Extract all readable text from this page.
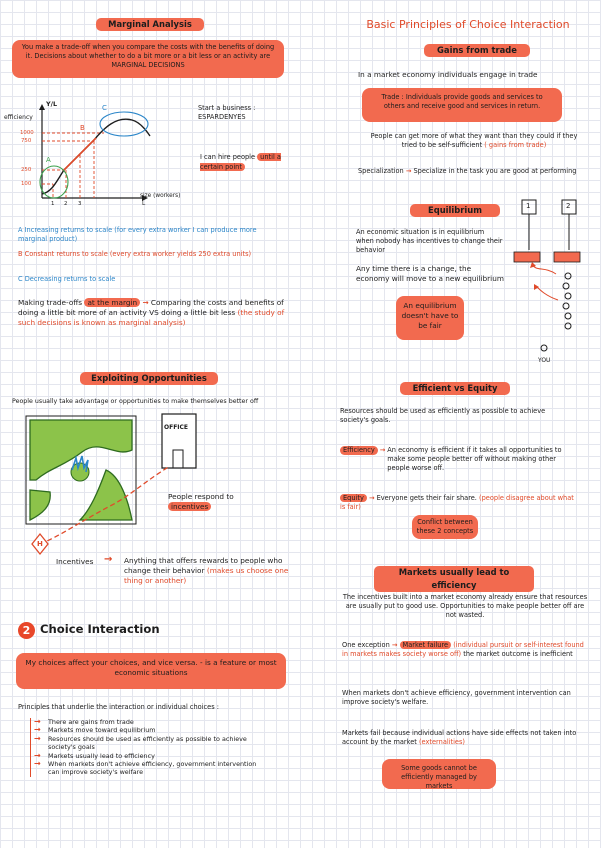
Marginal Analysis
You make a trade-off when you compare the costs with the benefits of doing it. Decisions about whether to do a bit more or a bit less or an activity are MARGINAL DECISIONS
efficiency
Y/L
1000
750
250
100
1 2 3
A
B
C
size (workers)
L
Start a business : ESPARDENYES
I can hire people until a certain point
A Increasing returns to scale (for every extra worker I can produce more marginal product)
B Constant returns to scale (every extra worker yields 250 extra units)
C Decreasing returns to scale
Making trade-offs at the margin → Comparing the costs and benefits of doing a little bit more of an activity VS doing a little bit less (the study of such decisions is known as marginal analysis)
Exploiting Opportunities
People usually take advantage or opportunities to make themselves better off
OFFICE
H
People respond to incentives
Incentives → Anything that offers rewards to people who change their behavior (makes us choose one thing or another)
2 Choice Interaction
My choices affect your choices, and vice versa. - is a feature or most economic situations
Principles that underlie the interaction or individual choices :
→ There are gains from trade
→ Markets move toward equilibrium
→ Resources should be used as efficiently as possible to achieve society's goals
→ Markets usually lead to efficiency
→ When markets don't achieve efficiency, government intervention can improve society's welfare
Basic Principles of Choice Interaction
Gains from trade
In a market economy individuals engage in trade
Trade : Individuals provide goods and services to others and receive good and services in return.
People can get more of what they want than they could if they tried to be self-sufficient ( gains from trade)
Specialization → Specialize in the task you are good at performing
Equilibrium
An economic situation is in equilibrium when nobody has incentives to change their behavior
Any time there is a change, the economy will move to a new equilibrium
An equilibrium doesn't have to be fair
1	2
YOU
Efficient vs Equity
Resources should be used as efficiently as possible to achieve society's goals.
Efficiency → An economy is efficient if it takes all opportunities to make some people better off without making other people worse off.
Equity → Everyone gets their fair share. (people disagree about what is fair)
Conflict between these 2 concepts
Markets usually lead to efficiency
The incentives built into a market economy already ensure that resources are usually put to good use. Opportunities to make people better off are not wasted.
One exception → Market failure (individual pursuit or self-interest found in markets makes society worse off) the market outcome is inefficient
When markets don't achieve efficiency, government intervention can improve society's welfare.
Markets fail because individual actions have side effects not taken into account by the market (externalities)
Some goods cannot be efficiently managed by markets
